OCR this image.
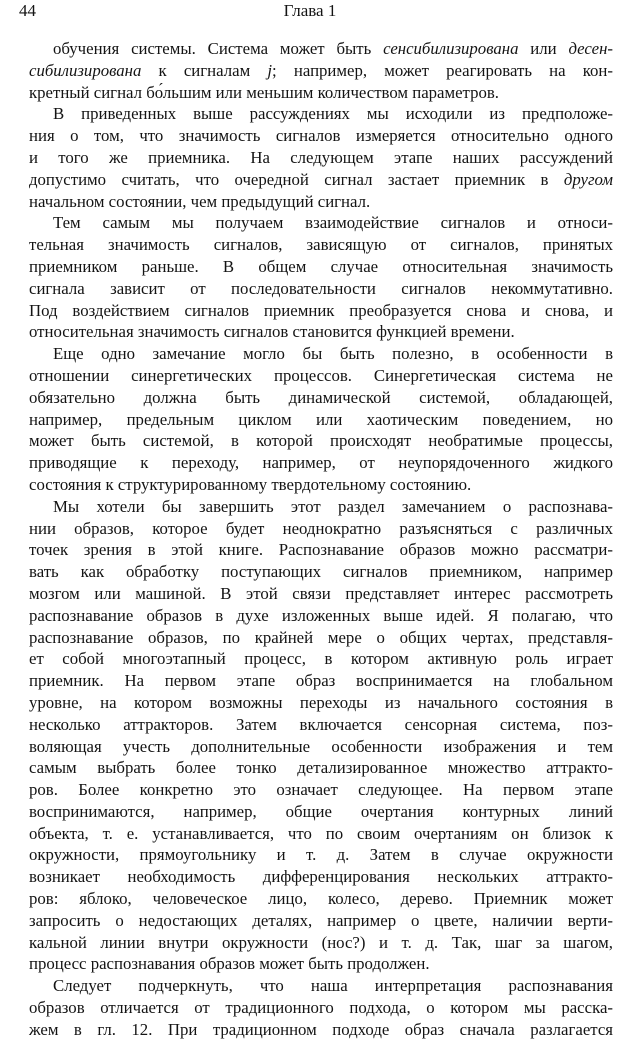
44	Глава 1
обучения системы. Система может быть сенсибилизирована или десен-
сибилизирована к сигналам j; например, может реагировать на кон-
кретный сигнал бо́льшим или меньшим количеством параметров.
В приведенных выше рассуждениях мы исходили из предположе-
ния о том, что значимость сигналов измеряется относительно одного
и того же приемника. На следующем этапе наших рассуждений
допустимо считать, что очередной сигнал застает приемник в другом
начальном состоянии, чем предыдущий сигнал.
Тем самым мы получаем взаимодействие сигналов и относи-
тельная значимость сигналов, зависящую от сигналов, принятых
приемником раньше. В общем случае относительная значимость
сигнала зависит от последовательности сигналов некоммутативно.
Под воздействием сигналов приемник преобразуется снова и снова, и
относительная значимость сигналов становится функцией времени.
Еще одно замечание могло бы быть полезно, в особенности в
отношении синергетических процессов. Синергетическая система не
обязательно должна быть динамической системой, обладающей,
например, предельным циклом или хаотическим поведением, но
может быть системой, в которой происходят необратимые процессы,
приводящие к переходу, например, от неупорядоченного жидкого
состояния к структурированному твердотельному состоянию.
Мы хотели бы завершить этот раздел замечанием о распознава-
нии образов, которое будет неоднократно разъясняться с различных
точек зрения в этой книге. Распознавание образов можно рассматри-
вать как обработку поступающих сигналов приемником, например
мозгом или машиной. В этой связи представляет интерес рассмотреть
распознавание образов в духе изложенных выше идей. Я полагаю, что
распознавание образов, по крайней мере о общих чертах, представля-
ет собой многоэтапный процесс, в котором активную роль играет
приемник. На первом этапе образ воспринимается на глобальном
уровне, на котором возможны переходы из начального состояния в
несколько аттракторов. Затем включается сенсорная система, поз-
воляющая учесть дополнительные особенности изображения и тем
самым выбрать более тонко детализированное множество аттракто-
ров. Более конкретно это означает следующее. На первом этапе
воспринимаются, например, общие очертания контурных линий
объекта, т. е. устанавливается, что по своим очертаниям он близок к
окружности, прямоугольнику и т. д. Затем в случае окружности
возникает необходимость дифференцирования нескольких аттракто-
ров: яблоко, человеческое лицо, колесо, дерево. Приемник может
запросить о недостающих деталях, например о цвете, наличии верти-
кальной линии внутри окружности (нос?) и т. д. Так, шаг за шагом,
процесс распознавания образов может быть продолжен.
Следует подчеркнуть, что наша интерпретация распознавания
образов отличается от традиционного подхода, о котором мы расска-
жем в гл. 12. При традиционном подходе образ сначала разлагается
